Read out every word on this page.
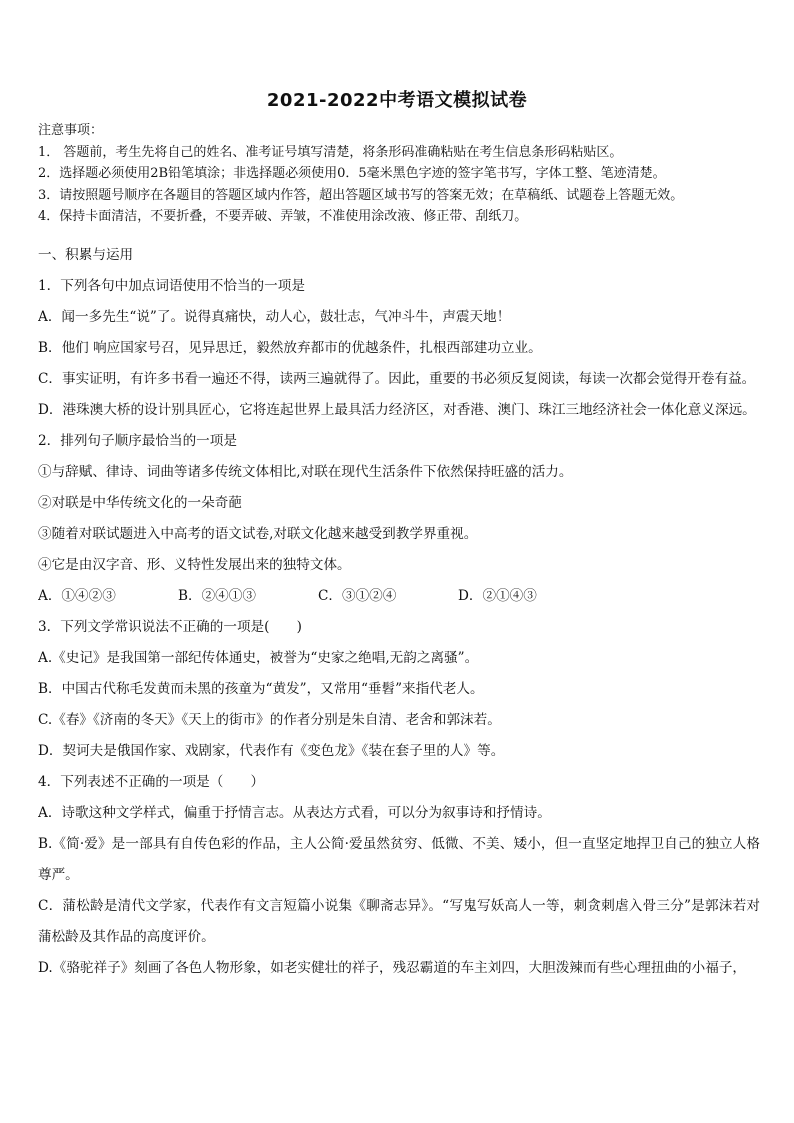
2021-2022中考语文模拟试卷
注意事项：
1． 答题前，考生先将自己的姓名、准考证号填写清楚，将条形码准确粘贴在考生信息条形码粘贴区。
2．选择题必须使用2B铅笔填涂；非选择题必须使用0．5毫米黑色字迹的签字笔书写，字体工整、笔迹清楚。
3．请按照题号顺序在各题目的答题区域内作答，超出答题区域书写的答案无效；在草稿纸、试题卷上答题无效。
4．保持卡面清洁，不要折叠，不要弄破、弄皱，不准使用涂改液、修正带、刮纸刀。
一、积累与运用
1．下列各句中加点词语使用不恰当的一项是
A．闻一多先生“说”了。说得真痛快，动人心，鼓壮志，气冲斗牛，声震天地！
B．他们 响应国家号召，见异思迁，毅然放弃都市的优越条件，扎根西部建功立业。
C．事实证明，有许多书看一遍还不得，读两三遍就得了。因此，重要的书必须反复阅读，每读一次都会觉得开卷有益。
D．港珠澳大桥的设计别具匠心，它将连起世界上最具活力经济区，对香港、澳门、珠江三地经济社会一体化意义深远。
2．排列句子顺序最恰当的一项是
①与辞赋、律诗、词曲等诸多传统文体相比,对联在现代生活条件下依然保持旺盛的活力。
②对联是中华传统文化的一朵奇葩
③随着对联试题进入中高考的语文试卷,对联文化越来越受到教学界重视。
④它是由汉字音、形、义特性发展出来的独特文体。
A．①④②③	B．②④①③	C．③①②④	D．②①④③
3．下列文学常识说法不正确的一项是(　　)
A.《史记》是我国第一部纪传体通史，被誉为“史家之绝唱,无韵之离骚”。
B．中国古代称毛发黄而未黑的孩童为“黄发”，又常用“垂髫”来指代老人。
C.《春》《济南的冬天》《天上的街市》的作者分别是朱自清、老舍和郭沫若。
D．契诃夫是俄国作家、戏剧家，代表作有《变色龙》《装在套子里的人》等。
4．下列表述不正确的一项是（　　）
A．诗歌这种文学样式，偏重于抒情言志。从表达方式看，可以分为叙事诗和抒情诗。
B.《简·爱》是一部具有自传色彩的作品，主人公简·爱虽然贫穷、低微、不美、矮小，但一直坚定地捍卫自己的独立人格尊严。
C．蒲松龄是清代文学家，代表作有文言短篇小说集《聊斋志异》。“写鬼写妖高人一等，刺贪刺虐入骨三分”是郭沫若对蒲松龄及其作品的高度评价。
D.《骆驼祥子》刻画了各色人物形象，如老实健壮的祥子，残忍霸道的车主刘四，大胆泼辣而有些心理扭曲的小福子，
